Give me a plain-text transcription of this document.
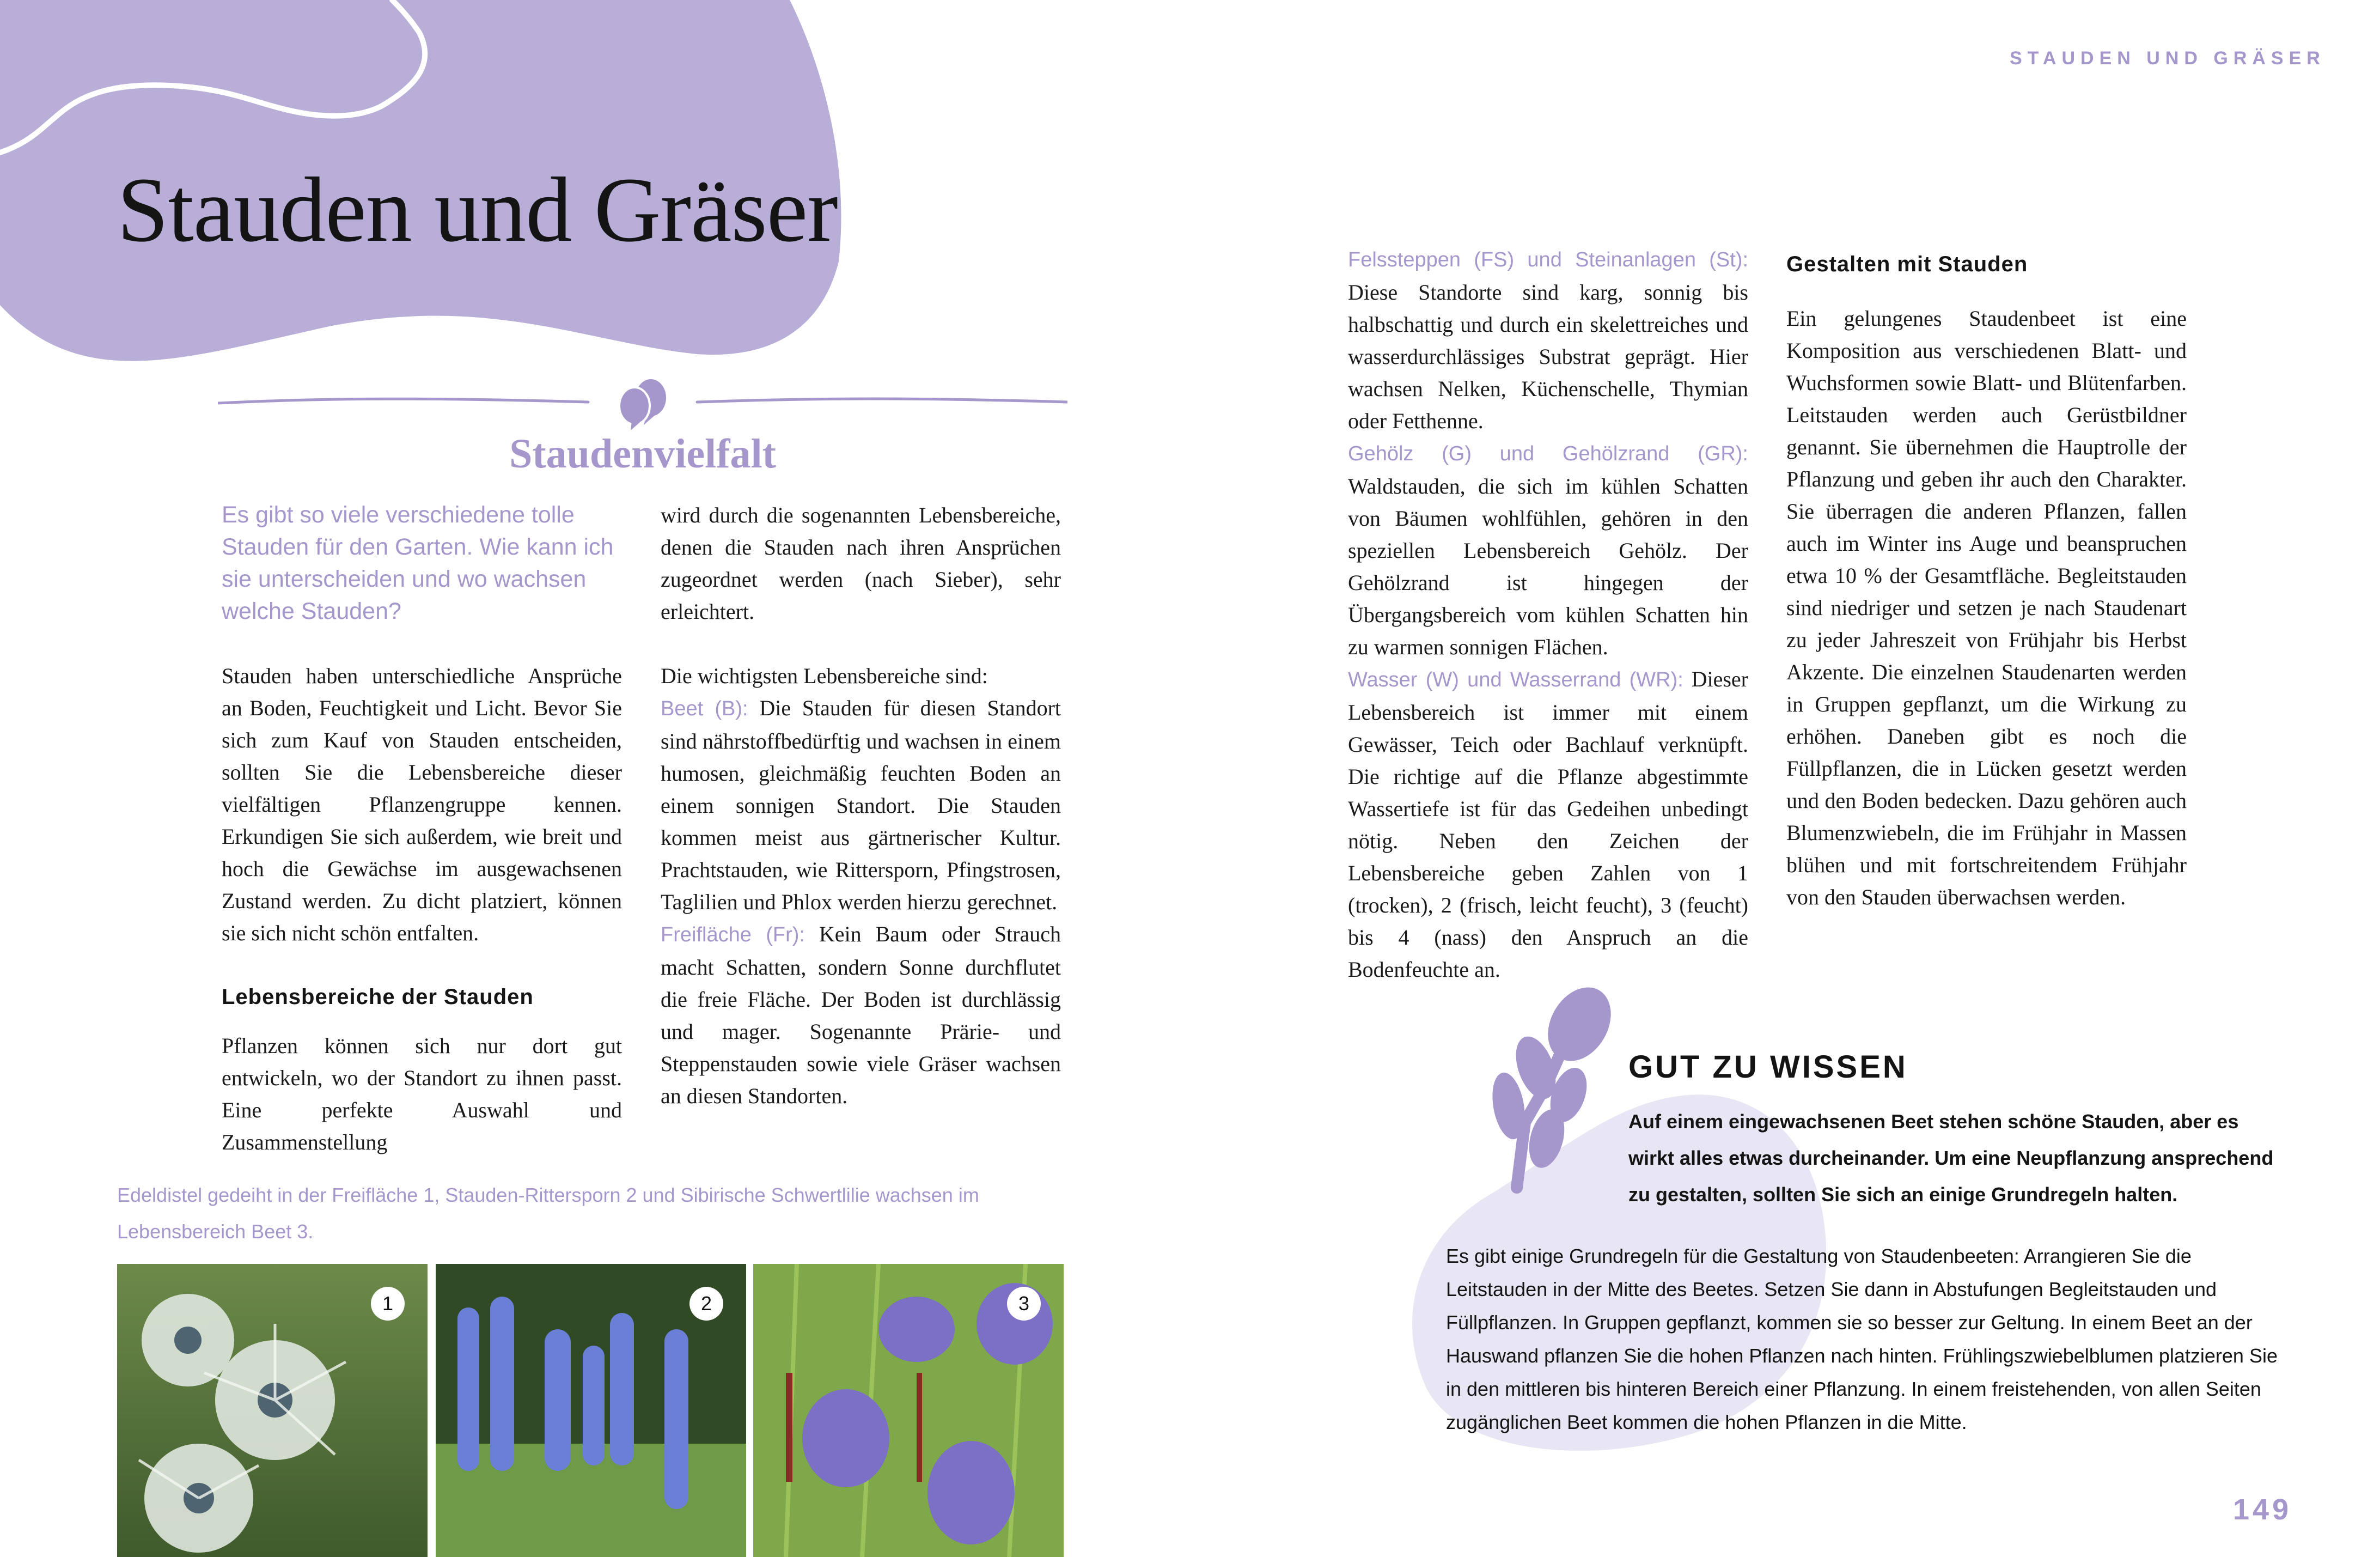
Stauden und Gräser
Staudenvielfalt

Es gibt so viele verschiedene tolle Stauden für den Garten. Wie kann ich sie unterscheiden und wo wachsen welche Stauden?

Stauden haben unterschiedliche Ansprüche an Boden, Feuchtigkeit und Licht. Bevor Sie sich zum Kauf von Stauden entscheiden, sollten Sie die Lebensbereiche dieser vielfältigen Pflanzengruppe kennen. Erkundigen Sie sich außerdem, wie breit und hoch die Gewächse im ausgewachsenen Zustand werden. Zu dicht platziert, können sie sich nicht schön entfalten.

Lebensbereiche der Stauden

Pflanzen können sich nur dort gut entwickeln, wo der Standort zu ihnen passt. Eine perfekte Auswahl und Zusammenstellung

wird durch die sogenannten Lebensbereiche, denen die Stauden nach ihren Ansprüchen zugeordnet werden (nach Sieber), sehr erleichtert.

Die wichtigsten Lebensbereiche sind:

Beet (B): Die Stauden für diesen Standort sind nährstoffbedürftig und wachsen in einem humosen, gleichmäßig feuchten Boden an einem sonnigen Standort. Die Stauden kommen meist aus gärtnerischer Kultur. Prachtstauden, wie Rittersporn, Pfingstrosen, Taglilien und Phlox werden hierzu gerechnet.

Freifläche (Fr): Kein Baum oder Strauch macht Schatten, sondern Sonne durchflutet die freie Fläche. Der Boden ist durchlässig und mager. Sogenannte Prärie- und Steppenstauden sowie viele Gräser wachsen an diesen Standorten.

Edeldistel gedeiht in der Freifläche 1, Stauden-Rittersporn 2 und Sibirische Schwertlilie wachsen im Lebensbereich Beet 3.
1	2	3
STAUDEN UND GRÄSER

Felssteppen (FS) und Steinanlagen (St): Diese Standorte sind karg, sonnig bis halbschattig und durch ein skelettreiches und wasserdurchlässiges Substrat geprägt. Hier wachsen Nelken, Küchenschelle, Thymian oder Fetthenne.

Gehölz (G) und Gehölzrand (GR): Waldstauden, die sich im kühlen Schatten von Bäumen wohlfühlen, gehören in den speziellen Lebensbereich Gehölz. Der Gehölzrand ist hingegen der Übergangsbereich vom kühlen Schatten hin zu warmen sonnigen Flächen.

Wasser (W) und Wasserrand (WR): Dieser Lebensbereich ist immer mit einem Gewässer, Teich oder Bachlauf verknüpft. Die richtige auf die Pflanze abgestimmte Wassertiefe ist für das Gedeihen unbedingt nötig. Neben den Zeichen der Lebensbereiche geben Zahlen von 1 (trocken), 2 (frisch, leicht feucht), 3 (feucht) bis 4 (nass) den Anspruch an die Bodenfeuchte an.

Gestalten mit Stauden

Ein gelungenes Staudenbeet ist eine Komposition aus verschiedenen Blatt- und Wuchsformen sowie Blatt- und Blütenfarben. Leitstauden werden auch Gerüstbildner genannt. Sie übernehmen die Hauptrolle der Pflanzung und geben ihr auch den Charakter. Sie überragen die anderen Pflanzen, fallen auch im Winter ins Auge und beanspruchen etwa 10 % der Gesamtfläche. Begleitstauden sind niedriger und setzen je nach Staudenart zu jeder Jahreszeit von Frühjahr bis Herbst Akzente. Die einzelnen Staudenarten werden in Gruppen gepflanzt, um die Wirkung zu erhöhen. Daneben gibt es noch die Füllpflanzen, die in Lücken gesetzt werden und den Boden bedecken. Dazu gehören auch Blumenzwiebeln, die im Frühjahr in Massen blühen und mit fortschreitendem Frühjahr von den Stauden überwachsen werden.

GUT ZU WISSEN
Auf einem eingewachsenen Beet stehen schöne Stauden, aber es wirkt alles etwas durcheinander. Um eine Neupflanzung ansprechend zu gestalten, sollten Sie sich an einige Grundregeln halten.
Es gibt einige Grundregeln für die Gestaltung von Staudenbeeten: Arrangieren Sie die Leitstauden in der Mitte des Beetes. Setzen Sie dann in Abstufungen Begleitstauden und Füllpflanzen. In Gruppen gepflanzt, kommen sie so besser zur Geltung. In einem Beet an der Hauswand pflanzen Sie die hohen Pflanzen nach hinten. Frühlingszwiebelblumen platzieren Sie in den mittleren bis hinteren Bereich einer Pflanzung. In einem freistehenden, von allen Seiten zugänglichen Beet kommen die hohen Pflanzen in die Mitte.
149
